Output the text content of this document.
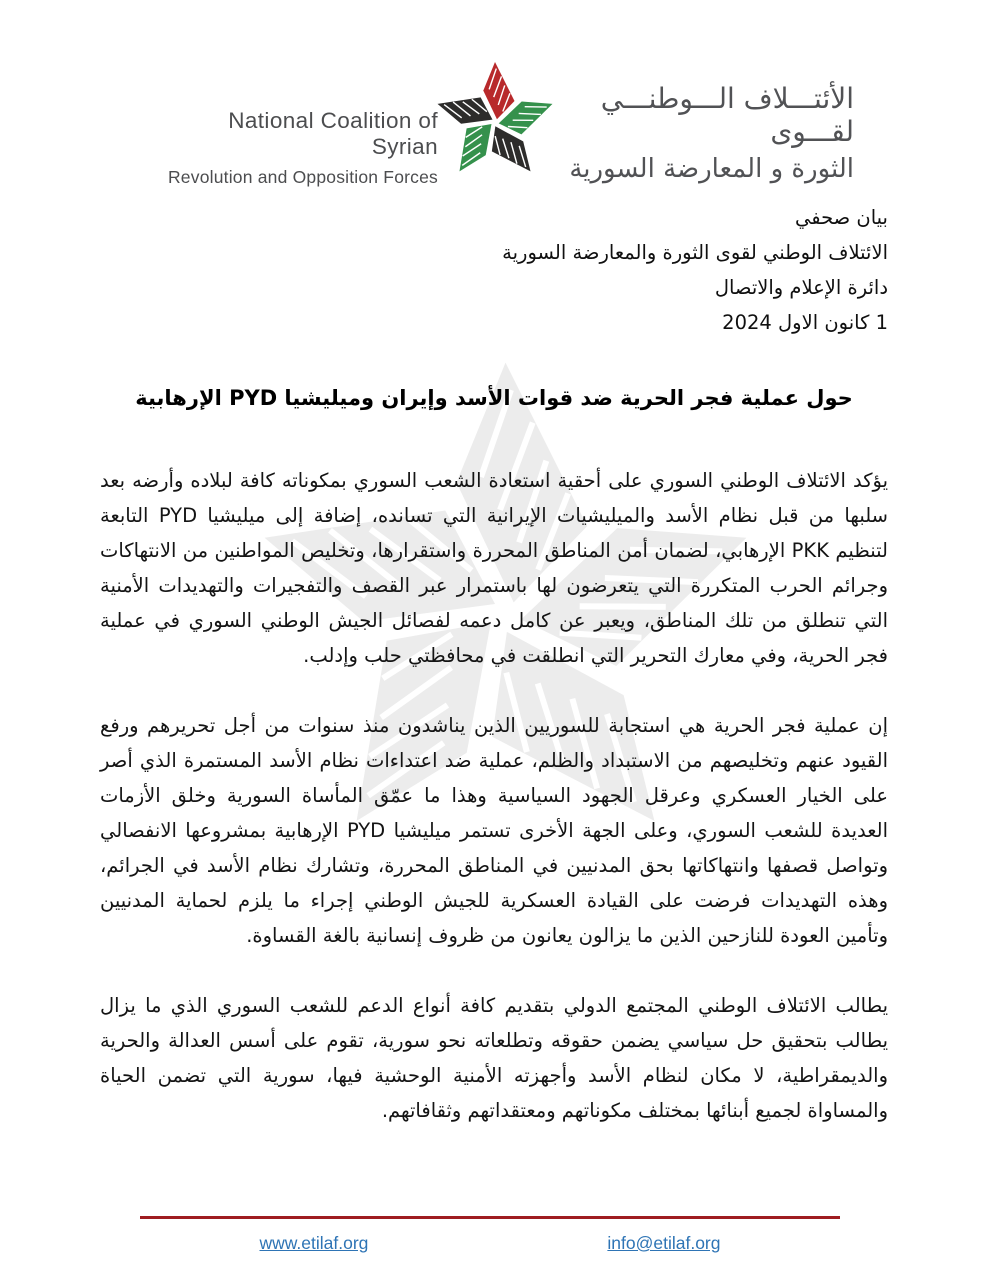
National Coalition of Syrian
Revolution and Opposition Forces
الأئتـــلاف الـــوطنـــي لقـــوى
الثورة و المعارضة السورية
بيان صحفي
الائتلاف الوطني لقوى الثورة والمعارضة السورية
دائرة الإعلام والاتصال
1 كانون الاول 2024
حول عملية فجر الحرية ضد قوات الأسد وإيران وميليشيا PYD الإرهابية

يؤكد الائتلاف الوطني السوري على أحقية استعادة الشعب السوري بمكوناته كافة لبلاده وأرضه بعد سلبها من قبل نظام الأسد والميليشيات الإيرانية التي تسانده، إضافة إلى ميليشيا PYD التابعة لتنظيم PKK الإرهابي، لضمان أمن المناطق المحررة واستقرارها، وتخليص المواطنين من الانتهاكات وجرائم الحرب المتكررة التي يتعرضون لها باستمرار عبر القصف والتفجيرات والتهديدات الأمنية التي تنطلق من تلك المناطق، ويعبر عن كامل دعمه لفصائل الجيش الوطني السوري في عملية فجر الحرية، وفي معارك التحرير التي انطلقت في محافظتي حلب وإدلب.

إن عملية فجر الحرية هي استجابة للسوريين الذين يناشدون منذ سنوات من أجل تحريرهم ورفع القيود عنهم وتخليصهم من الاستبداد والظلم، عملية ضد اعتداءات نظام الأسد المستمرة الذي أصر على الخيار العسكري وعرقل الجهود السياسية وهذا ما عمّق المأساة السورية وخلق الأزمات العديدة للشعب السوري، وعلى الجهة الأخرى تستمر ميليشيا PYD الإرهابية بمشروعها الانفصالي وتواصل قصفها وانتهاكاتها بحق المدنيين في المناطق المحررة، وتشارك نظام الأسد في الجرائم، وهذه التهديدات فرضت على القيادة العسكرية للجيش الوطني إجراء ما يلزم لحماية المدنيين وتأمين العودة للنازحين الذين ما يزالون يعانون من ظروف إنسانية بالغة القساوة.

يطالب الائتلاف الوطني المجتمع الدولي بتقديم كافة أنواع الدعم للشعب السوري الذي ما يزال يطالب بتحقيق حل سياسي يضمن حقوقه وتطلعاته نحو سورية، تقوم على أسس العدالة والحرية والديمقراطية، لا مكان لنظام الأسد وأجهزته الأمنية الوحشية فيها، سورية التي تضمن الحياة والمساواة لجميع أبنائها بمختلف مكوناتهم ومعتقداتهم وثقافاتهم.

www.etilaf.org	info@etilaf.org
